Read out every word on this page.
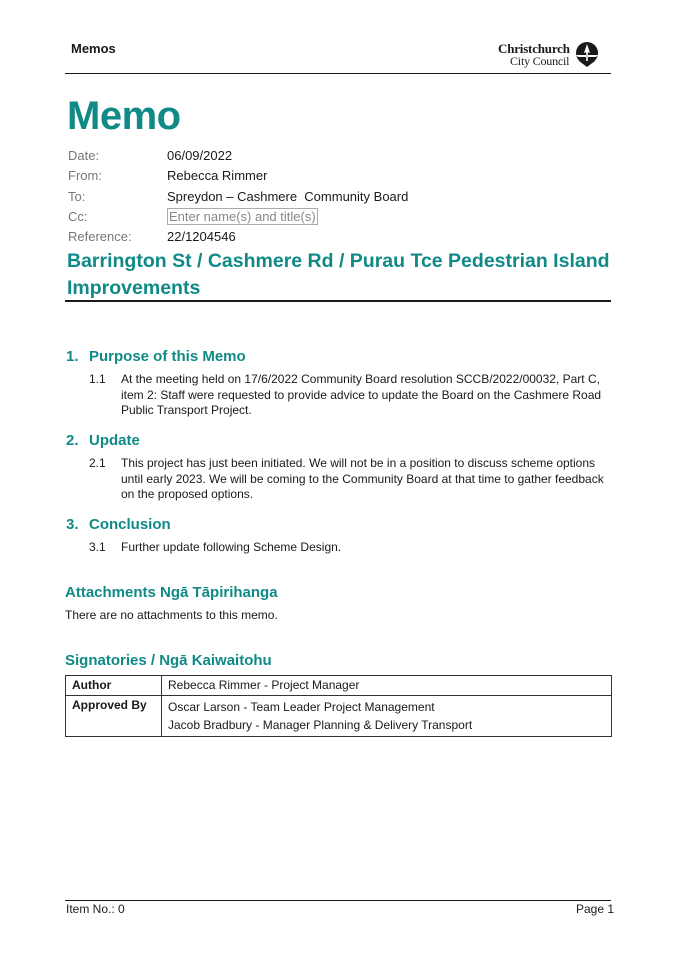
Memos	Christchurch
City Council
Memo
Date:	06/09/2022
From:	Rebecca Rimmer
To:	Spreydon – Cashmere  Community Board
Cc:	Enter name(s) and title(s)
Reference:	22/1204546
Barrington St / Cashmere Rd / Purau Tce Pedestrian Island Improvements
1. Purpose of this Memo
1.1 At the meeting held on 17/6/2022 Community Board resolution SCCB/2022/00032, Part C, item 2: Staff were requested to provide advice to update the Board on the Cashmere Road Public Transport Project.
2. Update
2.1 This project has just been initiated. We will not be in a position to discuss scheme options until early 2023. We will be coming to the Community Board at that time to gather feedback on the proposed options.
3. Conclusion
3.1 Further update following Scheme Design.
Attachments Ngā Tāpirihanga
There are no attachments to this memo.
Signatories / Ngā Kaiwaitohu
Author	Rebecca Rimmer - Project Manager
Approved By	Oscar Larson - Team Leader Project Management
Jacob Bradbury - Manager Planning & Delivery Transport
Item No.: 0	Page 1
